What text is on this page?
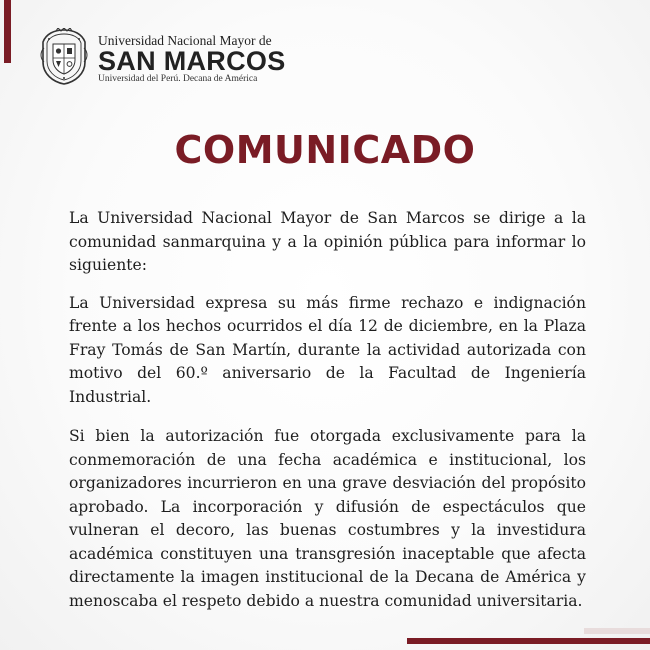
Universidad Nacional Mayor de
SAN MARCOS
Universidad del Perú. Decana de América
COMUNICADO

La Universidad Nacional Mayor de San Marcos se dirige a la comunidad sanmarquina y a la opinión pública para informar lo siguiente:

La Universidad expresa su más firme rechazo e indignación frente a los hechos ocurridos el día 12 de diciembre, en la Plaza Fray Tomás de San Martín, durante la actividad autorizada con motivo del 60.º aniversario de la Facultad de Ingeniería Industrial.

Si bien la autorización fue otorgada exclusivamente para la conmemoración de una fecha académica e institucional, los organizadores incurrieron en una grave desviación del propósito aprobado. La incorporación y difusión de espectáculos que vulneran el decoro, las buenas costumbres y la investidura académica constituyen una transgresión inaceptable que afecta directamente la imagen institucional de la Decana de América y menoscaba el respeto debido a nuestra comunidad universitaria.
